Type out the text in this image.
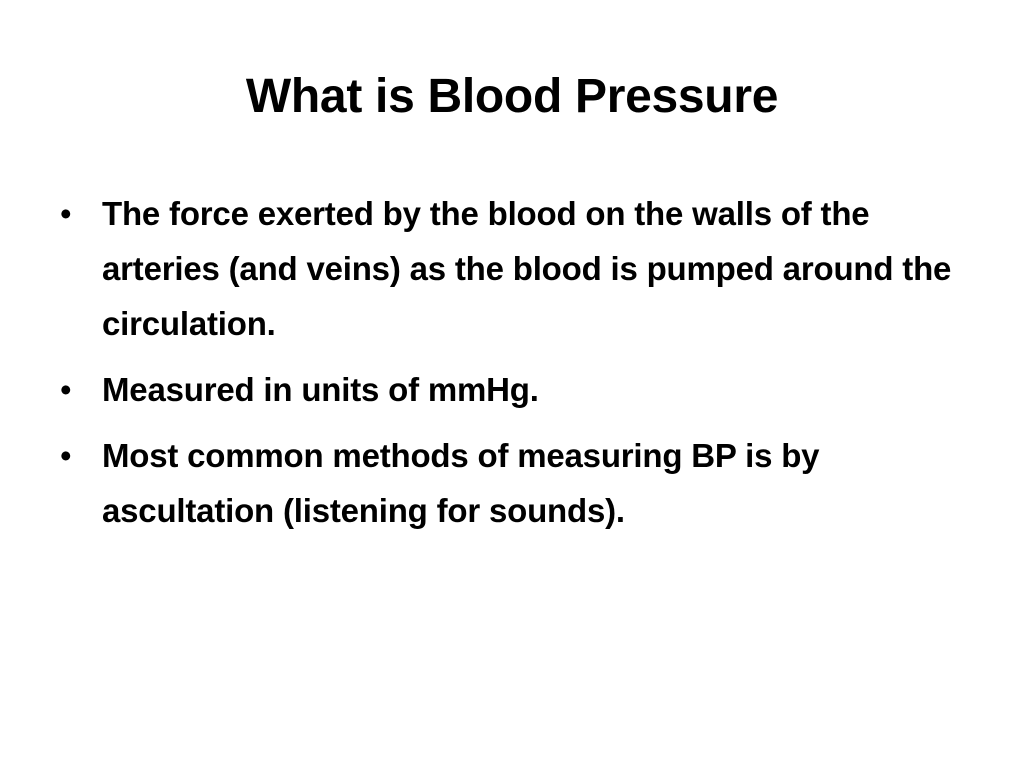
What is Blood Pressure
• The force exerted by the blood on the walls of the arteries (and veins) as the blood is pumped around the circulation.
• Measured in units of mmHg.
• Most common methods of measuring BP is by ascultation (listening for sounds).
